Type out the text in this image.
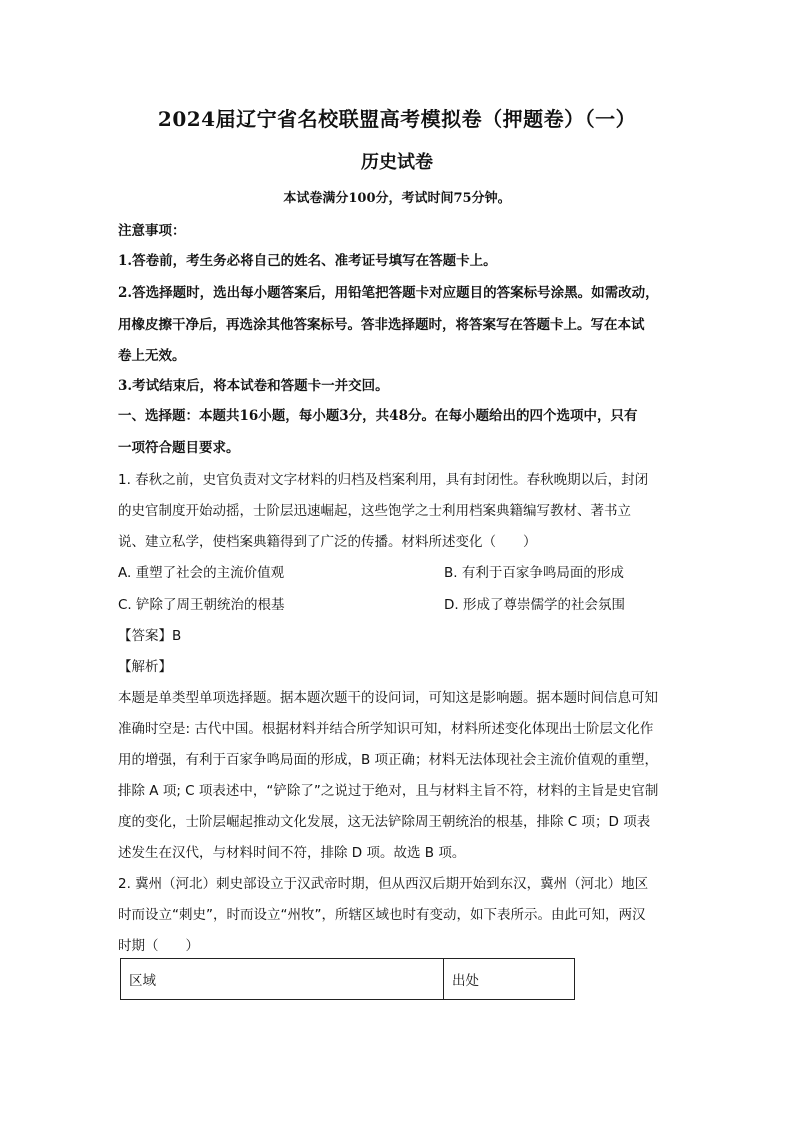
2024届辽宁省名校联盟高考模拟卷（押题卷）（一）
历史试卷
本试卷满分100分，考试时间75分钟。
注意事项：
1.答卷前，考生务必将自己的姓名、准考证号填写在答题卡上。
2.答选择题时，选出每小题答案后，用铅笔把答题卡对应题目的答案标号涂黑。如需改动，
用橡皮擦干净后，再选涂其他答案标号。答非选择题时，将答案写在答题卡上。写在本试
卷上无效。
3.考试结束后，将本试卷和答题卡一并交回。
一、选择题：本题共16小题，每小题3分，共48分。在每小题给出的四个选项中，只有
一项符合题目要求。
1. 春秋之前，史官负责对文字材料的归档及档案利用，具有封闭性。春秋晚期以后，封闭
的史官制度开始动摇，士阶层迅速崛起，这些饱学之士利用档案典籍编写教材、著书立
说、建立私学，使档案典籍得到了广泛的传播。材料所述变化（　　）
A. 重塑了社会的主流价值观	B. 有利于百家争鸣局面的形成
C. 铲除了周王朝统治的根基	D. 形成了尊崇儒学的社会氛围
【答案】B
【解析】
本题是单类型单项选择题。据本题次题干的设问词，可知这是影响题。据本题时间信息可知
准确时空是: 古代中国。根据材料并结合所学知识可知，材料所述变化体现出士阶层文化作
用的增强，有利于百家争鸣局面的形成，B 项正确；材料无法体现社会主流价值观的重塑，
排除 A 项; C 项表述中，“铲除了”之说过于绝对，且与材料主旨不符，材料的主旨是史官制
度的变化，士阶层崛起推动文化发展，这无法铲除周王朝统治的根基，排除 C 项；D 项表
述发生在汉代，与材料时间不符，排除 D 项。故选 B 项。
2. 冀州（河北）刺史部设立于汉武帝时期，但从西汉后期开始到东汉，冀州（河北）地区
时而设立“刺史”，时而设立“州牧”，所辖区域也时有变动，如下表所示。由此可知，两汉
时期（　　）
区域	出处
